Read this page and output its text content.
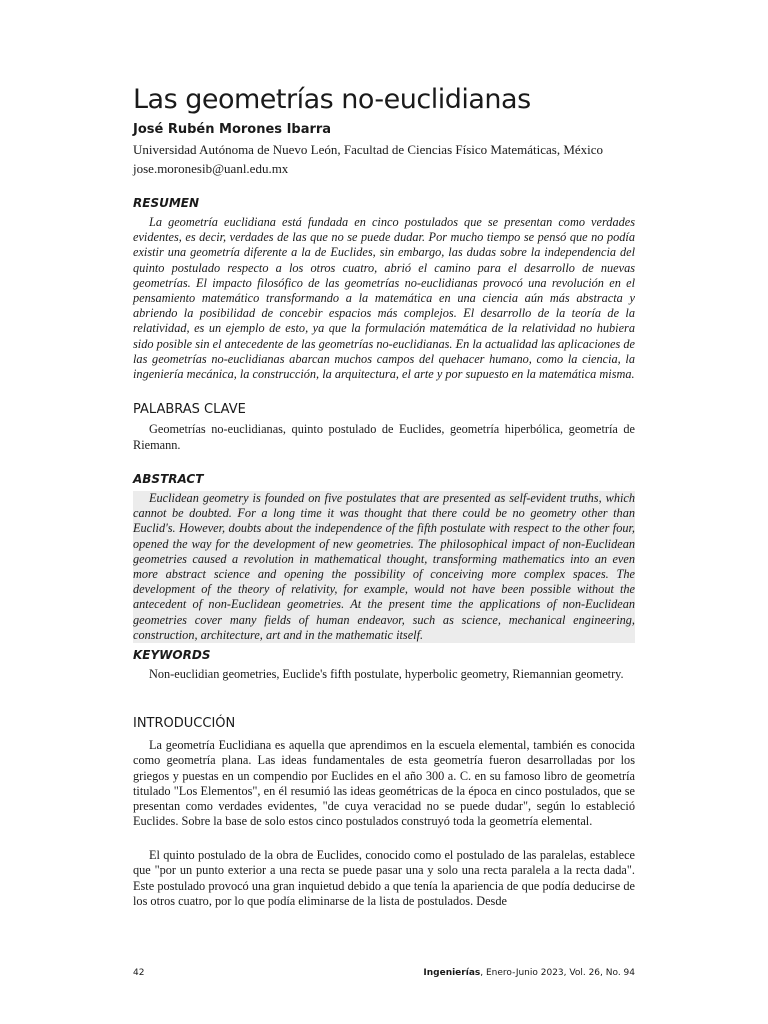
Las geometrías no-euclidianas
José Rubén Morones Ibarra
Universidad Autónoma de Nuevo León, Facultad de Ciencias Físico Matemáticas, México
jose.moronesib@uanl.edu.mx
RESUMEN

La geometría euclidiana está fundada en cinco postulados que se presentan como verdades evidentes, es decir, verdades de las que no se puede dudar. Por mucho tiempo se pensó que no podía existir una geometría diferente a la de Euclides, sin embargo, las dudas sobre la independencia del quinto postulado respecto a los otros cuatro, abrió el camino para el desarrollo de nuevas geometrías. El impacto filosófico de las geometrías no-euclidianas provocó una revolución en el pensamiento matemático transformando a la matemática en una ciencia aún más abstracta y abriendo la posibilidad de concebir espacios más complejos. El desarrollo de la teoría de la relatividad, es un ejemplo de esto, ya que la formulación matemática de la relatividad no hubiera sido posible sin el antecedente de las geometrías no-euclidianas. En la actualidad las aplicaciones de las geometrías no-euclidianas abarcan muchos campos del quehacer humano, como la ciencia, la ingeniería mecánica, la construcción, la arquitectura, el arte y por supuesto en la matemática misma.

PALABRAS CLAVE

Geometrías no-euclidianas, quinto postulado de Euclides, geometría hiperbólica, geometría de Riemann.

ABSTRACT

Euclidean geometry is founded on five postulates that are presented as self-evident truths, which cannot be doubted. For a long time it was thought that there could be no geometry other than Euclid's. However, doubts about the independence of the fifth postulate with respect to the other four, opened the way for the development of new geometries. The philosophical impact of non-Euclidean geometries caused a revolution in mathematical thought, transforming mathematics into an even more abstract science and opening the possibility of conceiving more complex spaces. The development of the theory of relativity, for example, would not have been possible without the antecedent of non-Euclidean geometries. At the present time the applications of non-Euclidean geometries cover many fields of human endeavor, such as science, mechanical engineering, construction, architecture, art and in the mathematic itself.

KEYWORDS

Non-euclidian geometries, Euclide's fifth postulate, hyperbolic geometry, Riemannian geometry.

INTRODUCCIÓN

La geometría Euclidiana es aquella que aprendimos en la escuela elemental, también es conocida como geometría plana. Las ideas fundamentales de esta geometría fueron desarrolladas por los griegos y puestas en un compendio por Euclides en el año 300 a. C. en su famoso libro de geometría titulado "Los Elementos", en él resumió las ideas geométricas de la época en cinco postulados, que se presentan como verdades evidentes, "de cuya veracidad no se puede dudar", según lo estableció Euclides. Sobre la base de solo estos cinco postulados construyó toda la geometría elemental.

El quinto postulado de la obra de Euclides, conocido como el postulado de las paralelas, establece que "por un punto exterior a una recta se puede pasar una y solo una recta paralela a la recta dada". Este postulado provocó una gran inquietud debido a que tenía la apariencia de que podía deducirse de los otros cuatro, por lo que podía eliminarse de la lista de postulados. Desde

42	Ingenierías, Enero-Junio 2023, Vol. 26, No. 94
